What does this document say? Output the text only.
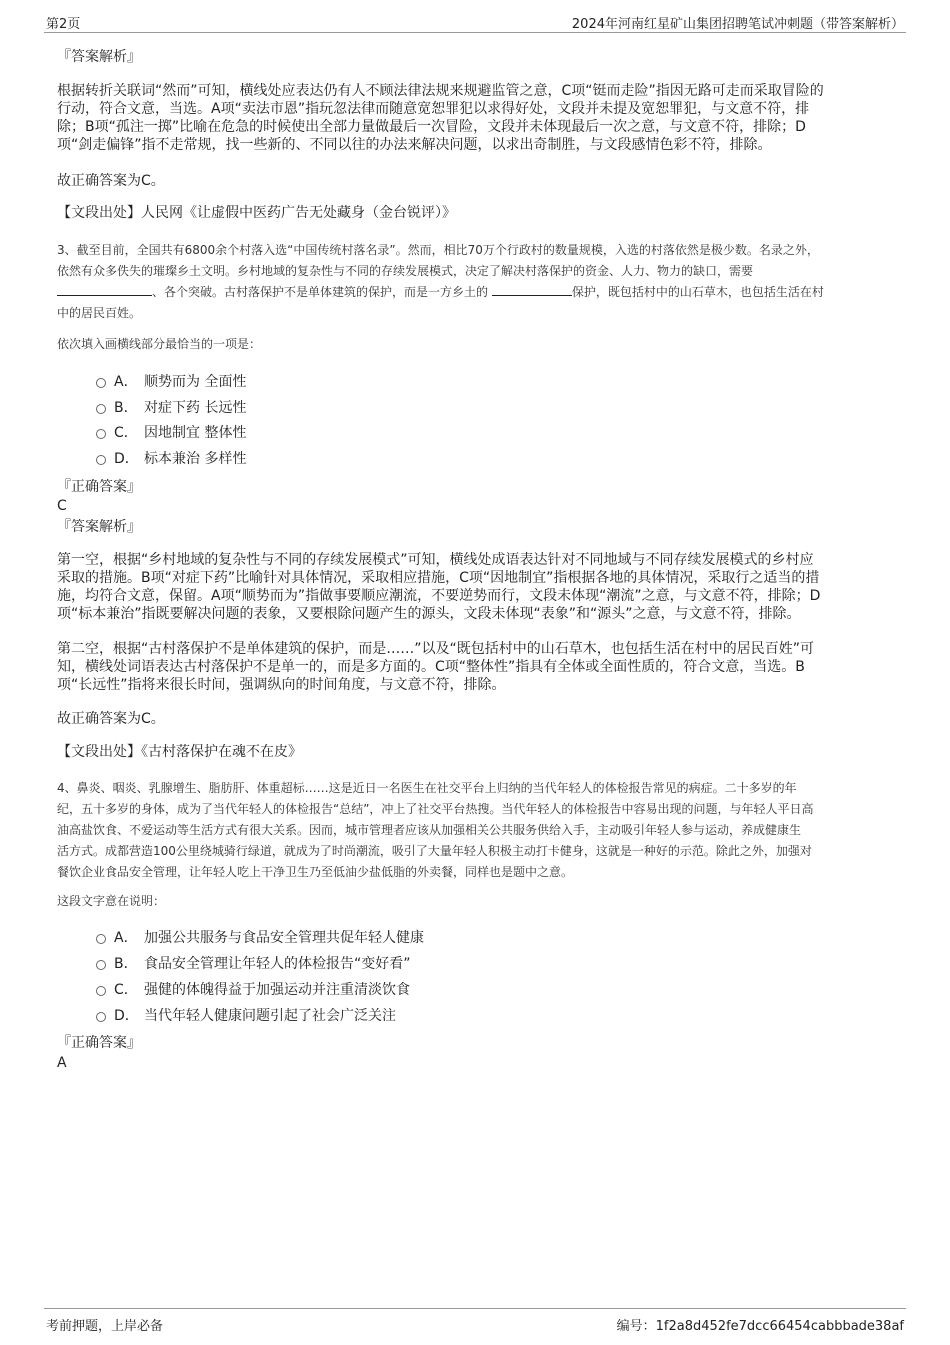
第2页	2024年河南红星矿山集团招聘笔试冲刺题（带答案解析）
『答案解析』
根据转折关联词“然而”可知，横线处应表达仍有人不顾法律法规来规避监管之意，C项“铤而走险”指因无路可走而采取冒险的
行动，符合文意，当选。A项“卖法市恩”指玩忽法律而随意宽恕罪犯以求得好处，文段并未提及宽恕罪犯，与文意不符，排
除；B项“孤注一掷”比喻在危急的时候使出全部力量做最后一次冒险，文段并未体现最后一次之意，与文意不符，排除；D
项“剑走偏锋”指不走常规，找一些新的、不同以往的办法来解决问题，以求出奇制胜，与文段感情色彩不符，排除。
故正确答案为C。
【文段出处】人民网《让虚假中医药广告无处藏身（金台锐评）》
3、截至目前，全国共有6800余个村落入选“中国传统村落名录”。然而，相比70万个行政村的数量规模，入选的村落依然是极少数。名录之外，
依然有众多佚失的璀璨乡土文明。乡村地域的复杂性与不同的存续发展模式，决定了解决村落保护的资金、人力、物力的缺口，需要
、各个突破。古村落保护不是单体建筑的保护，而是一方乡土的	保护，既包括村中的山石草木，也包括生活在村
中的居民百姓。
依次填入画横线部分最恰当的一项是：
A． 顺势而为 全面性
B． 对症下药 长远性
C． 因地制宜 整体性
D． 标本兼治 多样性
『正确答案』
C
『答案解析』
第一空，根据“乡村地域的复杂性与不同的存续发展模式”可知，横线处成语表达针对不同地域与不同存续发展模式的乡村应
采取的措施。B项“对症下药”比喻针对具体情况，采取相应措施，C项“因地制宜”指根据各地的具体情况，采取行之适当的措
施，均符合文意，保留。A项“顺势而为”指做事要顺应潮流，不要逆势而行，文段未体现“潮流”之意，与文意不符，排除；D
项“标本兼治”指既要解决问题的表象，又要根除问题产生的源头，文段未体现“表象”和“源头”之意，与文意不符，排除。
第二空，根据“古村落保护不是单体建筑的保护，而是……”以及“既包括村中的山石草木，也包括生活在村中的居民百姓”可
知，横线处词语表达古村落保护不是单一的，而是多方面的。C项“整体性”指具有全体或全面性质的，符合文意，当选。B
项“长远性”指将来很长时间，强调纵向的时间角度，与文意不符，排除。
故正确答案为C。
【文段出处】《古村落保护在魂不在皮》
4、鼻炎、咽炎、乳腺增生、脂肪肝、体重超标……这是近日一名医生在社交平台上归纳的当代年轻人的体检报告常见的病症。二十多岁的年
纪，五十多岁的身体，成为了当代年轻人的体检报告“总结”，冲上了社交平台热搜。当代年轻人的体检报告中容易出现的问题，与年轻人平日高
油高盐饮食、不爱运动等生活方式有很大关系。因而，城市管理者应该从加强相关公共服务供给入手，主动吸引年轻人参与运动，养成健康生
活方式。成都营造100公里绕城骑行绿道，就成为了时尚潮流，吸引了大量年轻人积极主动打卡健身，这就是一种好的示范。除此之外，加强对
餐饮企业食品安全管理，让年轻人吃上干净卫生乃至低油少盐低脂的外卖餐，同样也是题中之意。
这段文字意在说明：
A． 加强公共服务与食品安全管理共促年轻人健康
B． 食品安全管理让年轻人的体检报告“变好看”
C． 强健的体魄得益于加强运动并注重清淡饮食
D． 当代年轻人健康问题引起了社会广泛关注
『正确答案』
A
考前押题，上岸必备	编号：1f2a8d452fe7dcc66454cabbbade38af
